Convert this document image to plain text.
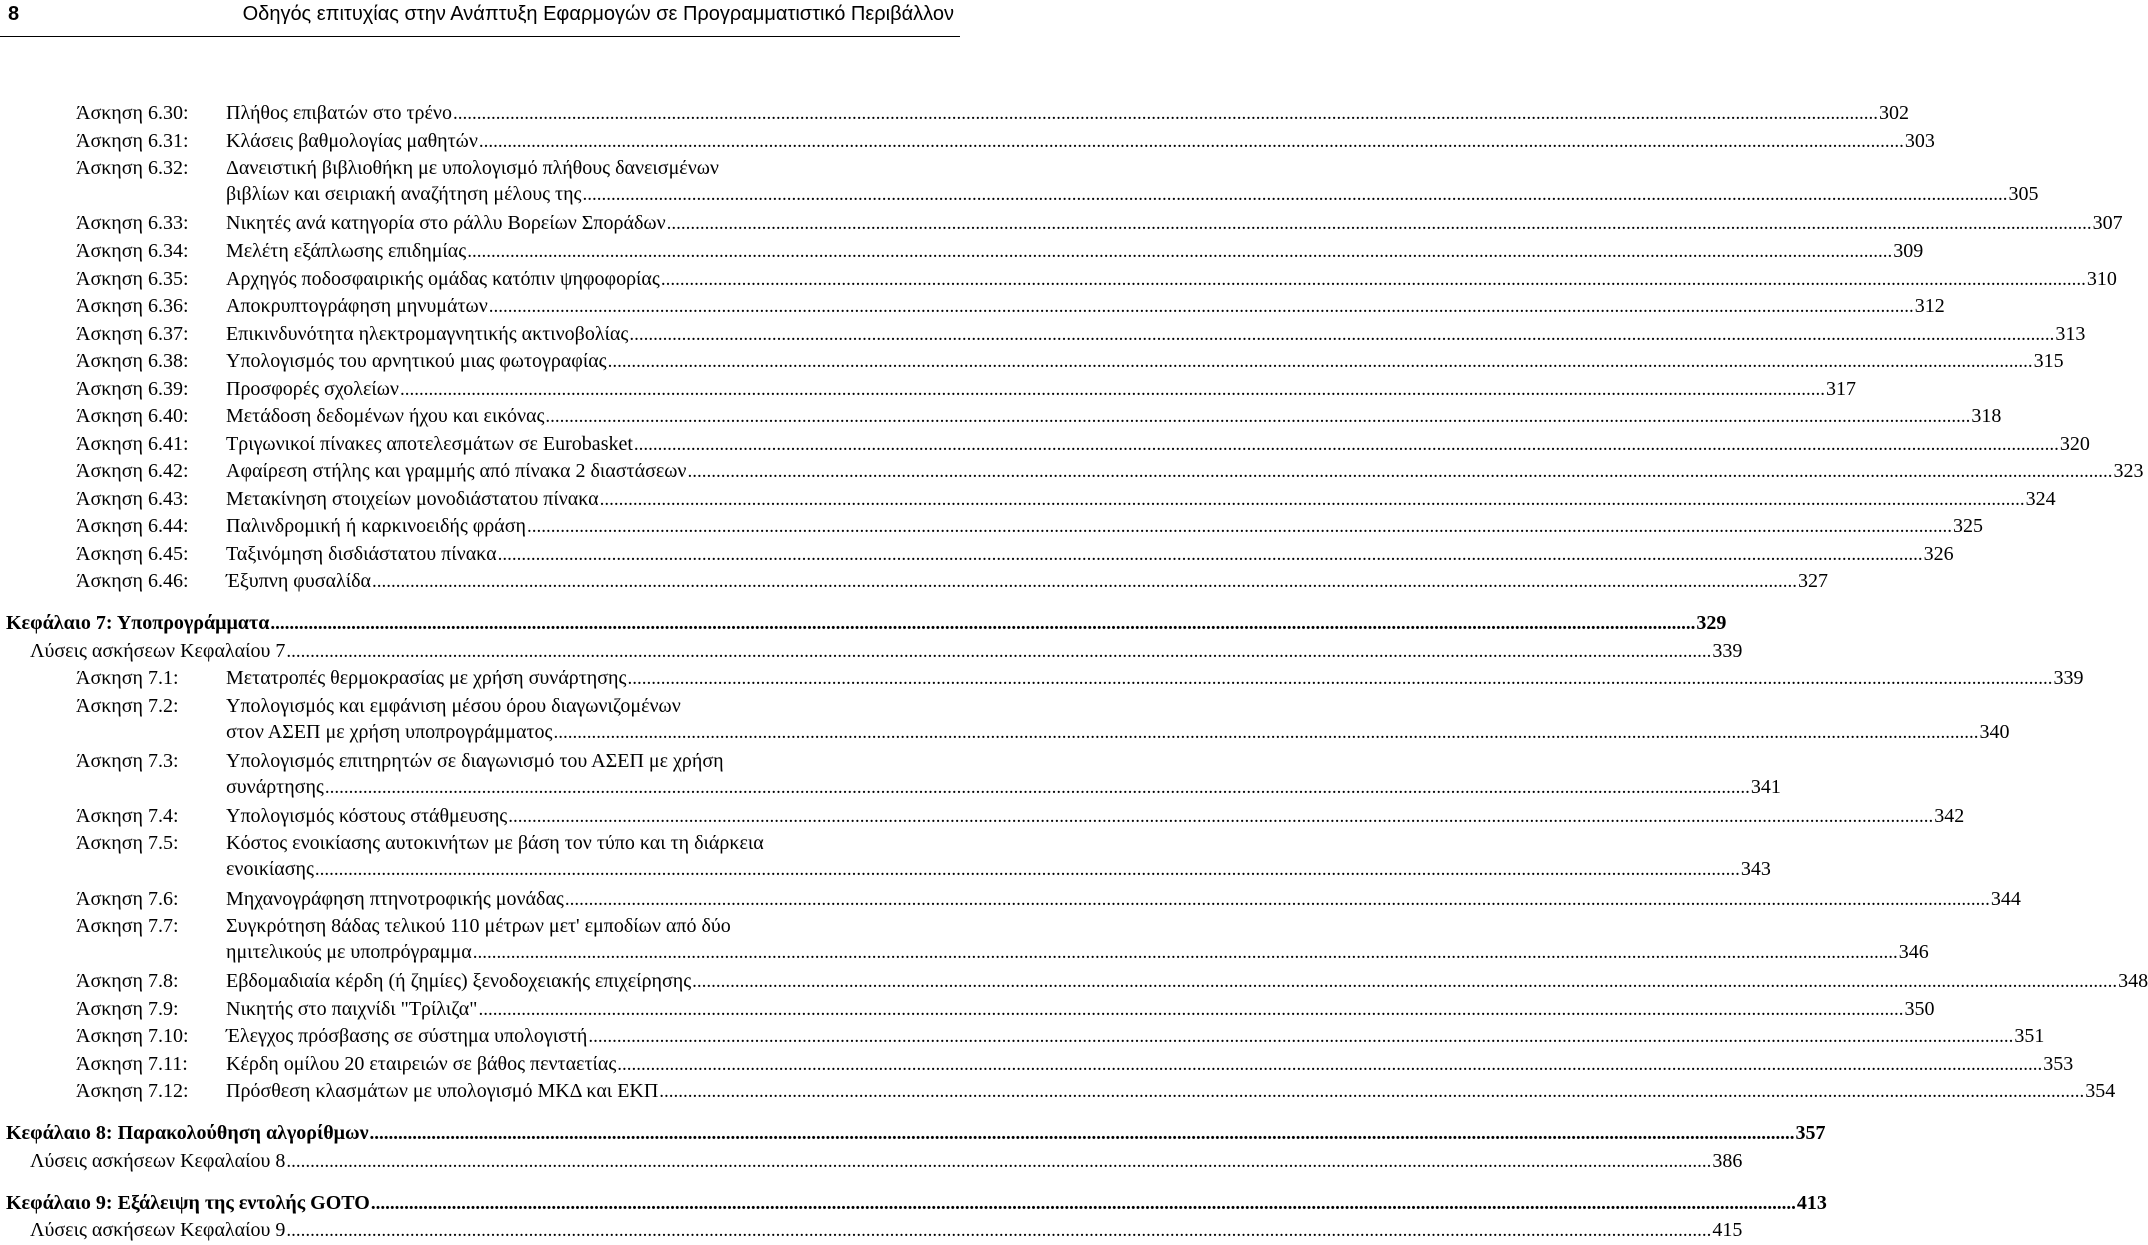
8	Οδηγός επιτυχίας στην Ανάπτυξη Εφαρμογών σε Προγραμματιστικό Περιβάλλον
Άσκηση 6.30: Πλήθος επιβατών στο τρένο ............................................................................................................................................................................................................................................................................................................ 302
Άσκηση 6.31: Κλάσεις βαθμολογίας μαθητών ............................................................................................................................................................................................................................................................................................................ 303
Άσκηση 6.32: Δανειστική βιβλιοθήκη με υπολογισμό πλήθους δανεισμένων
βιβλίων και σειριακή αναζήτηση μέλους της ............................................................................................................................................................................................................................................................................................................ 305
Άσκηση 6.33: Νικητές ανά κατηγορία στο ράλλυ Βορείων Σποράδων ............................................................................................................................................................................................................................................................................................................ 307
Άσκηση 6.34: Μελέτη εξάπλωσης επιδημίας ............................................................................................................................................................................................................................................................................................................ 309
Άσκηση 6.35: Αρχηγός ποδοσφαιρικής ομάδας κατόπιν ψηφοφορίας ............................................................................................................................................................................................................................................................................................................ 310
Άσκηση 6.36: Αποκρυπτογράφηση μηνυμάτων ............................................................................................................................................................................................................................................................................................................ 312
Άσκηση 6.37: Επικινδυνότητα ηλεκτρομαγνητικής ακτινοβολίας ............................................................................................................................................................................................................................................................................................................ 313
Άσκηση 6.38: Υπολογισμός του αρνητικού μιας φωτογραφίας ............................................................................................................................................................................................................................................................................................................ 315
Άσκηση 6.39: Προσφορές σχολείων ............................................................................................................................................................................................................................................................................................................ 317
Άσκηση 6.40: Μετάδοση δεδομένων ήχου και εικόνας ............................................................................................................................................................................................................................................................................................................ 318
Άσκηση 6.41: Τριγωνικοί πίνακες αποτελεσμάτων σε Eurobasket ............................................................................................................................................................................................................................................................................................................ 320
Άσκηση 6.42: Αφαίρεση στήλης και γραμμής από πίνακα 2 διαστάσεων ............................................................................................................................................................................................................................................................................................................ 323
Άσκηση 6.43: Μετακίνηση στοιχείων μονοδιάστατου πίνακα ............................................................................................................................................................................................................................................................................................................ 324
Άσκηση 6.44: Παλινδρομική ή καρκινοειδής φράση ............................................................................................................................................................................................................................................................................................................ 325
Άσκηση 6.45: Ταξινόμηση δισδιάστατου πίνακα ............................................................................................................................................................................................................................................................................................................ 326
Άσκηση 6.46: Έξυπνη φυσαλίδα ............................................................................................................................................................................................................................................................................................................ 327
Κεφάλαιο 7: Υποπρογράμματα ............................................................................................................................................................................................................................................................................................................ 329
Λύσεις ασκήσεων Κεφαλαίου 7 ............................................................................................................................................................................................................................................................................................................ 339
Άσκηση 7.1: Μετατροπές θερμοκρασίας με χρήση συνάρτησης ............................................................................................................................................................................................................................................................................................................ 339
Άσκηση 7.2: Υπολογισμός και εμφάνιση μέσου όρου διαγωνιζομένων
στον ΑΣΕΠ με χρήση υποπρογράμματος ............................................................................................................................................................................................................................................................................................................ 340
Άσκηση 7.3: Υπολογισμός επιτηρητών σε διαγωνισμό του ΑΣΕΠ με χρήση
συνάρτησης ............................................................................................................................................................................................................................................................................................................ 341
Άσκηση 7.4: Υπολογισμός κόστους στάθμευσης ............................................................................................................................................................................................................................................................................................................ 342
Άσκηση 7.5: Κόστος ενοικίασης αυτοκινήτων με βάση τον τύπο και τη διάρκεια
ενοικίασης ............................................................................................................................................................................................................................................................................................................ 343
Άσκηση 7.6: Μηχανογράφηση πτηνοτροφικής μονάδας ............................................................................................................................................................................................................................................................................................................ 344
Άσκηση 7.7: Συγκρότηση 8άδας τελικού 110 μέτρων μετ' εμποδίων από δύο
ημιτελικούς με υποπρόγραμμα ............................................................................................................................................................................................................................................................................................................ 346
Άσκηση 7.8: Εβδομαδιαία κέρδη (ή ζημίες) ξενοδοχειακής επιχείρησης ............................................................................................................................................................................................................................................................................................................ 348
Άσκηση 7.9: Νικητής στο παιχνίδι "Τρίλιζα" ............................................................................................................................................................................................................................................................................................................ 350
Άσκηση 7.10: Έλεγχος πρόσβασης σε σύστημα υπολογιστή ............................................................................................................................................................................................................................................................................................................ 351
Άσκηση 7.11: Κέρδη ομίλου 20 εταιρειών σε βάθος πενταετίας ............................................................................................................................................................................................................................................................................................................ 353
Άσκηση 7.12: Πρόσθεση κλασμάτων με υπολογισμό ΜΚΔ και ΕΚΠ ............................................................................................................................................................................................................................................................................................................ 354
Κεφάλαιο 8: Παρακολούθηση αλγορίθμων ............................................................................................................................................................................................................................................................................................................ 357
Λύσεις ασκήσεων Κεφαλαίου 8 ............................................................................................................................................................................................................................................................................................................ 386
Κεφάλαιο 9: Εξάλειψη της εντολής GOTO ............................................................................................................................................................................................................................................................................................................ 413
Λύσεις ασκήσεων Κεφαλαίου 9 ............................................................................................................................................................................................................................................................................................................ 415
